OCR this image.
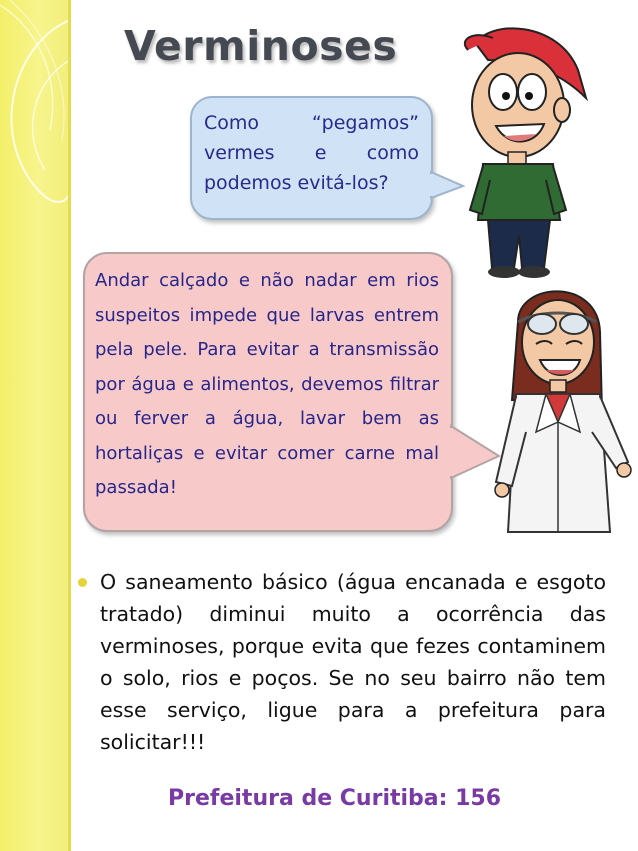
Verminoses
Como “pegamos” vermes e como podemos evitá-los?
Andar calçado e não nadar em rios suspeitos impede que larvas entrem pela pele. Para evitar a transmissão por água e alimentos, devemos filtrar ou ferver a água, lavar bem as hortaliças e evitar comer carne mal passada!
O saneamento básico (água encanada e esgoto tratado) diminui muito a ocorrência das verminoses, porque evita que fezes contaminem o solo, rios e poços. Se no seu bairro não tem esse serviço, ligue para a prefeitura para solicitar!!!
Prefeitura de Curitiba: 156
